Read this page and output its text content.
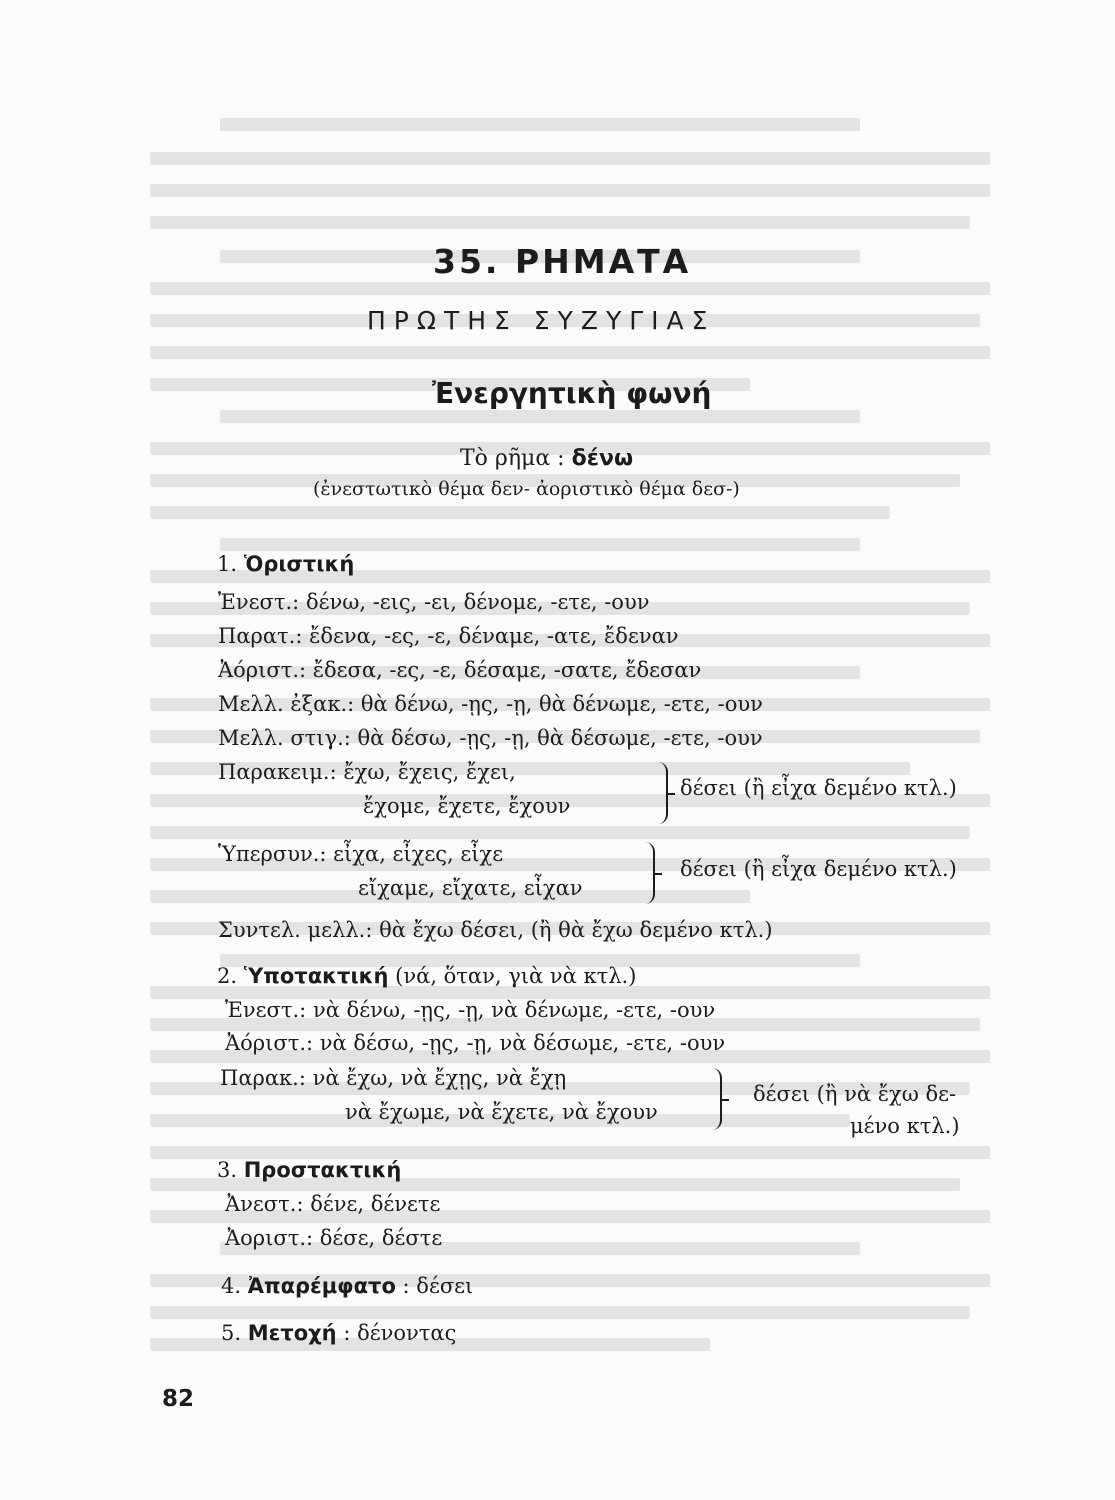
35. ΡΗΜΑΤΑ
ΠΡΩΤΗΣ ΣΥΖΥΓΙΑΣ
Ἐνεργητικὴ φωνή
Τὸ ρῆμα : δένω
(ἐνεστωτικὸ θέμα δεν- ἀοριστικὸ θέμα δεσ-)
1. Ὁριστική
Ἐνεστ.: δένω, -εις, -ει, δένομε, -ετε, -ουν
Παρατ.: ἔδενα, -ες, -ε, δέναμε, -ατε, ἔδεναν
Ἀόριστ.: ἔδεσα, -ες, -ε, δέσαμε, -σατε, ἔδεσαν
Μελλ. ἐξακ.: θὰ δένω, -ῃς, -ῃ, θὰ δένωμε, -ετε, -ουν
Μελλ. στιγ.: θὰ δέσω, -ῃς, -ῃ, θὰ δέσωμε, -ετε, -ουν
Παρακειμ.: ἔχω, ἔχεις, ἔχει,
ἔχομε, ἔχετε, ἔχουν
δέσει (ἢ εἶχα δεμένο κτλ.)
Ὑπερσυν.: εἶχα, εἶχες, εἶχε
εἴχαμε, εἴχατε, εἶχαν
δέσει (ἢ εἶχα δεμένο κτλ.)
Συντελ. μελλ.: θὰ ἔχω δέσει, (ἢ θὰ ἔχω δεμένο κτλ.)
2. Ὑποτακτική (νά, ὅταν, γιὰ νὰ κτλ.)
Ἐνεστ.: νὰ δένω, -ῃς, -ῃ, νὰ δένωμε, -ετε, -ουν
Ἀόριστ.: νὰ δέσω, -ῃς, -ῃ, νὰ δέσωμε, -ετε, -ουν
Παρακ.: νὰ ἔχω, νὰ ἔχῃς, νὰ ἔχῃ
νὰ ἔχωμε, νὰ ἔχετε, νὰ ἔχουν
δέσει (ἢ νὰ ἔχω δε-
μένο κτλ.)
3. Προστακτική
Ἀνεστ.: δένε, δένετε
Ἀοριστ.: δέσε, δέστε
4. Ἀπαρέμφατο : δέσει
5. Μετοχή : δένοντας
82
